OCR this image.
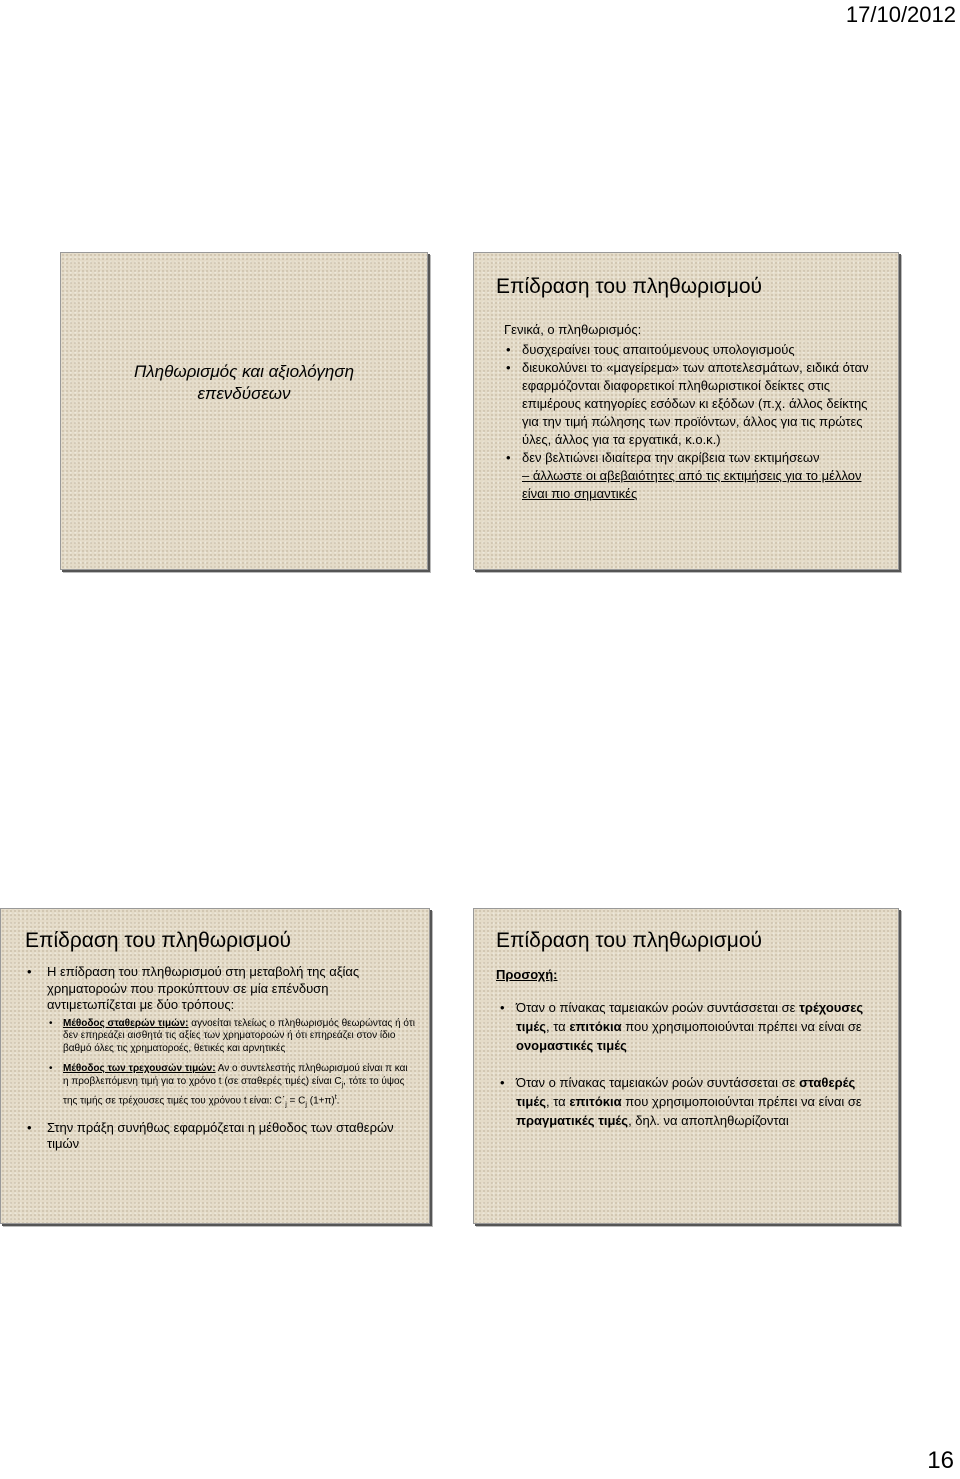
17/10/2012
Πληθωρισμός και αξιολόγηση
επενδύσεων
Επίδραση του πληθωρισμού
Γενικά, ο πληθωρισμός:
• δυσχεραίνει τους απαιτούμενους υπολογισμούς
• διευκολύνει το «μαγείρεμα» των αποτελεσμάτων, ειδικά όταν εφαρμόζονται διαφορετικοί πληθωριστικοί δείκτες στις επιμέρους κατηγορίες εσόδων κι εξόδων (π.χ. άλλος δείκτης για την τιμή πώλησης των προϊόντων, άλλος για τις πρώτες ύλες, άλλος για τα εργατικά, κ.ο.κ.)
• δεν βελτιώνει ιδιαίτερα την ακρίβεια των εκτιμήσεων
– άλλωστε οι αβεβαιότητες από τις εκτιμήσεις για το μέλλον είναι πιο σημαντικές
Επίδραση του πληθωρισμού
• Η επίδραση του πληθωρισμού στη μεταβολή της αξίας χρηματοροών που προκύπτουν σε μία επένδυση αντιμετωπίζεται με δύο τρόπους:
• Μέθοδος σταθερών τιμών: αγνοείται τελείως ο πληθωρισμός θεωρώντας ή ότι δεν επηρεάζει αισθητά τις αξίες των χρηματοροών ή ότι επηρεάζει στον ίδιο βαθμό όλες τις χρηματοροές, θετικές και αρνητικές
• Μέθοδος των τρεχουσών τιμών: Αν ο συντελεστής πληθωρισμού είναι π και η προβλεπόμενη τιμή για το χρόνο t (σε σταθερές τιμές) είναι $C_j$, τότε το ύψος της τιμής σε τρέχουσες τιμές του χρόνου t είναι: $C΄_j = C_j$ $(1+\pi)^t$.
• Στην πράξη συνήθως εφαρμόζεται η μέθοδος των σταθερών τιμών
Επίδραση του πληθωρισμού
Προσοχή:
• Όταν ο πίνακας ταμειακών ροών συντάσσεται σε τρέχουσες τιμές, τα επιτόκια που χρησιμοποιούνται πρέπει να είναι σε ονομαστικές τιμές
• Όταν ο πίνακας ταμειακών ροών συντάσσεται σε σταθερές τιμές, τα επιτόκια που χρησιμοποιούνται πρέπει να είναι σε πραγματικές τιμές, δηλ. να αποπληθωρίζονται
16
